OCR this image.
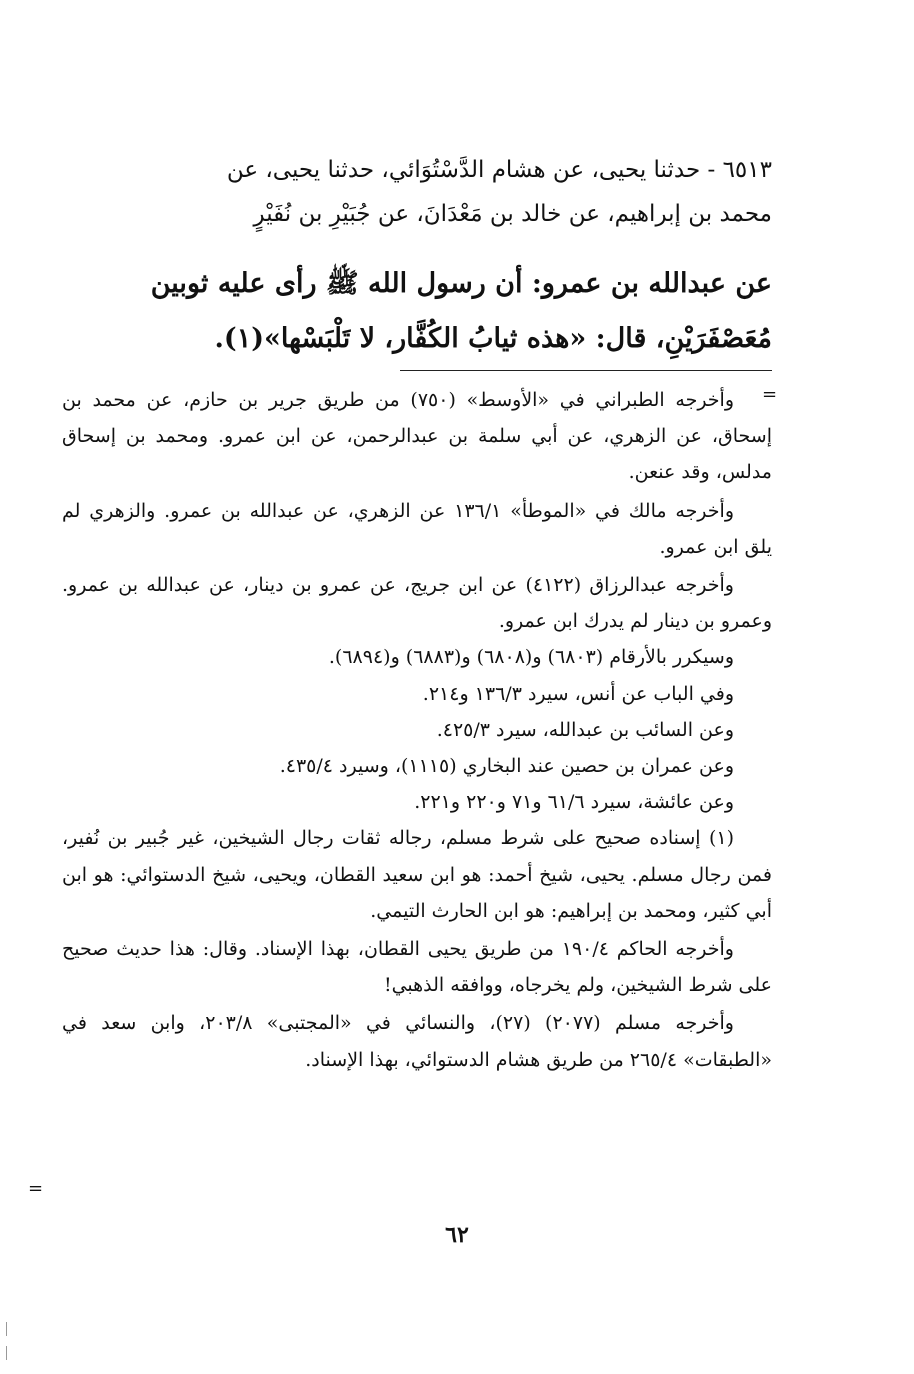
٦٥١٣ - حدثنا يحيى، عن هشام الدَّسْتُوَائي، حدثنا يحيى، عن

محمد بن إبراهيم، عن خالد بن مَعْدَانَ، عن جُبَيْرِ بن نُفَيْرٍ

عن عبدالله بن عمرو: أن رسول الله ﷺ رأى عليه ثوبين

مُعَصْفَرَيْنِ، قال: «هذه ثيابُ الكُفَّار، لا تَلْبَسْها»(١).

=

وأخرجه الطبراني في «الأوسط» (٧٥٠) من طريق جرير بن حازم، عن محمد بن إسحاق، عن الزهري، عن أبي سلمة بن عبدالرحمن، عن ابن عمرو. ومحمد بن إسحاق مدلس، وقد عنعن.

وأخرجه مالك في «الموطأ» ١٣٦/١ عن الزهري، عن عبدالله بن عمرو. والزهري لم يلق ابن عمرو.

وأخرجه عبدالرزاق (٤١٢٢) عن ابن جريج، عن عمرو بن دينار، عن عبدالله بن عمرو. وعمرو بن دينار لم يدرك ابن عمرو.

وسيكرر بالأرقام (٦٨٠٣) و(٦٨٠٨) و(٦٨٨٣) و(٦٨٩٤).

وفي الباب عن أنس، سيرد ١٣٦/٣ و٢١٤.

وعن السائب بن عبدالله، سيرد ٤٢٥/٣.

وعن عمران بن حصين عند البخاري (١١١٥)، وسيرد ٤٣٥/٤.

وعن عائشة، سيرد ٦١/٦ و٧١ و٢٢٠ و٢٢١.

(١) إسناده صحيح على شرط مسلم، رجاله ثقات رجال الشيخين، غير جُبير بن نُفير، فمن رجال مسلم. يحيى، شيخ أحمد: هو ابن سعيد القطان، ويحيى، شيخ الدستوائي: هو ابن أبي كثير، ومحمد بن إبراهيم: هو ابن الحارث التيمي.

وأخرجه الحاكم ١٩٠/٤ من طريق يحيى القطان، بهذا الإسناد. وقال: هذا حديث صحيح على شرط الشيخين، ولم يخرجاه، ووافقه الذهبي!

وأخرجه مسلم (٢٠٧٧) (٢٧)، والنسائي في «المجتبى» ٢٠٣/٨، وابن سعد في «الطبقات» ٢٦٥/٤ من طريق هشام الدستوائي، بهذا الإسناد.

=
٦٢
